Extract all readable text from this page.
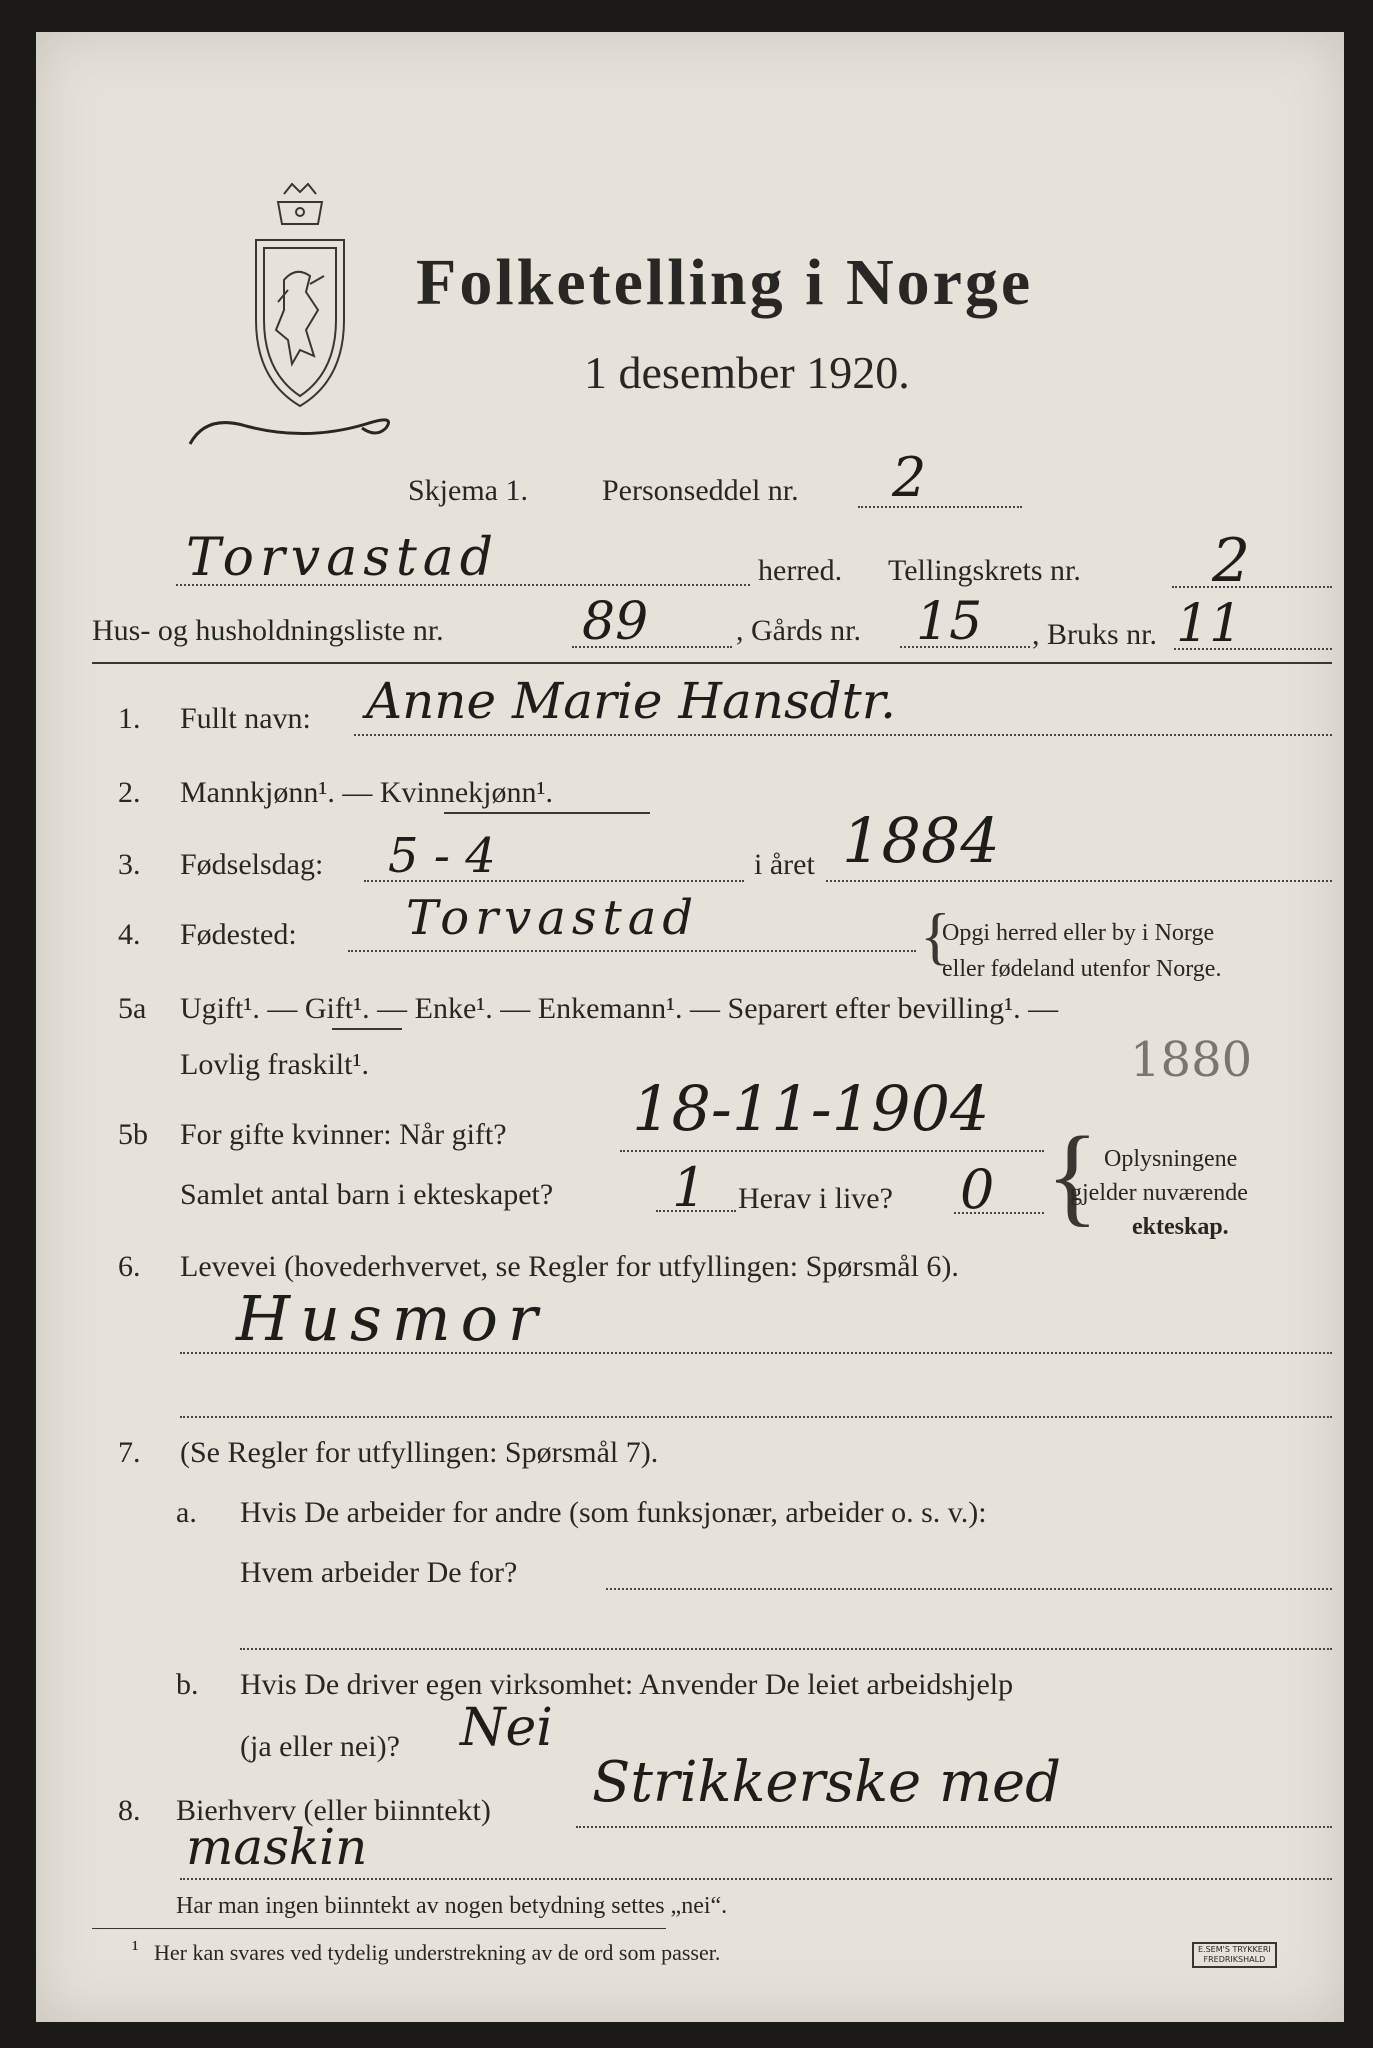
Folketelling i Norge
1 desember 1920.
Skjema 1. Personseddel nr. 2
Torvastad	herred. Tellingskrets nr. 2
Hus- og husholdningsliste nr.	89	, Gårds nr. 15 , Bruks nr. 11
1. Fullt navn: Anne Marie Hansdtr.
2. Mannkjønn¹. — Kvinnekjønn¹.
3. Fødselsdag: 5 - 4	i året 1884
4. Fødested: Torvastad	{
Opgi herred eller by i Norge
eller fødeland utenfor Norge.
5a Ugift¹. — Gift¹. — Enke¹. — Enkemann¹. — Separert efter bevilling¹. —
Lovlig fraskilt¹.
5b For gifte kvinner: Når gift? 18-11-1904
1880
Samlet antal barn i ekteskapet? 1 Herav i live? 0 { Oplysningene
gjelder nuværende
ekteskap.
6. Levevei (hovederhvervet, se Regler for utfyllingen: Spørsmål 6).
Husmor
7. (Se Regler for utfyllingen: Spørsmål 7).
a. Hvis De arbeider for andre (som funksjonær, arbeider o. s. v.):
Hvem arbeider De for?
b. Hvis De driver egen virksomhet: Anvender De leiet arbeidshjelp
(ja eller nei)? Nei
8. Bierhverv (eller biinntekt) Strikkerske med
maskin
Har man ingen biinntekt av nogen betydning settes „nei“.
¹ Her kan svares ved tydelig understrekning av de ord som passer.	E.SEM'S TRYKKERI
FREDRIKSHALD
